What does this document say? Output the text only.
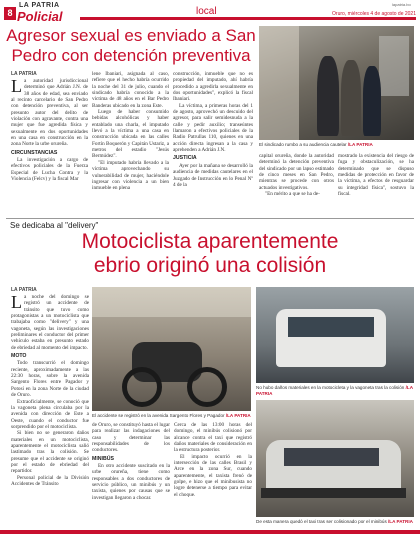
8
LA PATRIA
Policial	local
lapatria.bo
Oruro, miércoles 4 de agosto de 2021
Agresor sexual es enviado a San
Pedro con detención preventiva
El sindicado rumbo a su audiencia cautelar /LA PATRIA
LA PATRIA
L a autoridad jurisdiccional determinó que Adrián J.N. de 38 años de edad, sea enviado al recinto carcelario de San Pedro con detención preventiva, al ser presunto autor del delito de violación con agravante, contra una mujer que fue agredida física y sexualmente en dos oportunidades en una casa en construcción en la zona Norte la urbe orureña.
CIRCUNSTANCIAS

La investigación a cargo de efectivos policiales de la Fuerza Especial de Lucha Contra y la Violencia (Felcv) y la fiscal Mar

lene Ibaniari, asignada al caso, refiere que el hecho habría ocurrido la noche del 31 de julio, cuando el sindicado habría conocido a la víctima de 48 años en el Bar Pedro Banderas ubicado en la zona Este.

Luego de haber consumido bebidas alcohólicas y haber entablado una charla, el imputado llevó a la víctima a una casa en construcción ubicada en las calles Fortín Boquerón y Capitán Ustariz, a metros del estadio "Jesús Bermúdez".

"El imputado habría llevado a la víctima aprovechando su vulnerabilidad de mujer, haciéndole ingresar con violencia a un bien inmueble en plena

construcción, inmueble que no es propiedad del imputado, ahí habría procedido a agredirla sexualmente en dos oportunidades", explicó la fiscal Ibaniari.

La víctima, a primeras horas del 1 de agosto, aprovechó un descuido del agresor, para salir semidesnuda a la calle y pedir auxilio; transeúntes llamaron a efectivos policiales de la Radio Patrullas 110, quienes en una acción directa ingresan a la casa y aprehenden a Adrián J.N.

JUSTICIA

Ayer por la mañana se desarrolló la audiencia de medidas cautelares en el Juzgado de Instrucción en lo Penal Nº 4 de la

capital orureña, donde la autoridad determinó la detención preventiva del sindicado por un lapso estimado de cinco meses en San Pedro, mientras se procede con otros actuados investigativos.

"En mérito a que se ha de-

mostrado la existencia del riesgo de fuga y obstaculización, se ha determinado que se dispuso medidas de protección en favor de la víctima, a efectos de resguardar su integridad física", sostuvo la fiscal.

Se dedicaba al "delivery"
Motociclista aparentemente
ebrio originó una colisión
LA PATRIA
L a noche del domingo se registró un accidente de tránsito que tuvo como protagonistas a un motociclista que trabajaba como "delivery" y una vagoneta, según las investigaciones preliminares el conductor del primer vehículo estaba en presunto estado de ebriedad al momento del impacto.
MOTO

Todo transcurrió el domingo reciente, aproximadamente a las 22:30 horas, sobre la avenida Sargento Flores entre Pagador y Potosí en la zona Norte de la ciudad de Oruro.

Extraoficialmente, se conoció que la vagoneta plena circulaba por la avenida con dirección de Este a Oeste, cuando el conductor fue sorprendido por el motociclista.

Si bien no se generaron daños materiales en un motociclista, aparentemente el motociclista salió lastimado tras la colisión. Se presume que el accidente se originó por el estado de ebriedad del repartidor.

Personal policial de la División Accidentes de Tránsito

El accidente se registró en la avenida Sargento Flores y Pagador /LA PATRIA
No hubo daños materiales en la motocicleta y la vagoneta tras la colisión /LA PATRIA

de Oruro, se constituyó hasta el lugar para realizar las indagaciones del caso y determinar las responsabilidades de los conductores.

MINIBÚS

En otro accidente suscitado en la urbe orureña, tiene como responsables a dos conductores de servicio público, un minibús y un taxista, quienes por causas que se investigan llegaron a chocar.

Cerca de las 13:00 horas del domingo, el minibús colisionó por alcance contra el taxi que registró daños materiales de consideración en la estructura posterior.

El impacto ocurrió en la intersección de las calles Brasil y Arce en la zona Sur, cuando aparentemente, el taxista frenó de golpe, e hizo que el minibusista no logre detenerse a tiempo para evitar el choque.

De esta manera quedó el taxi tras ser colisionado por el minibús /LA PATRIA
